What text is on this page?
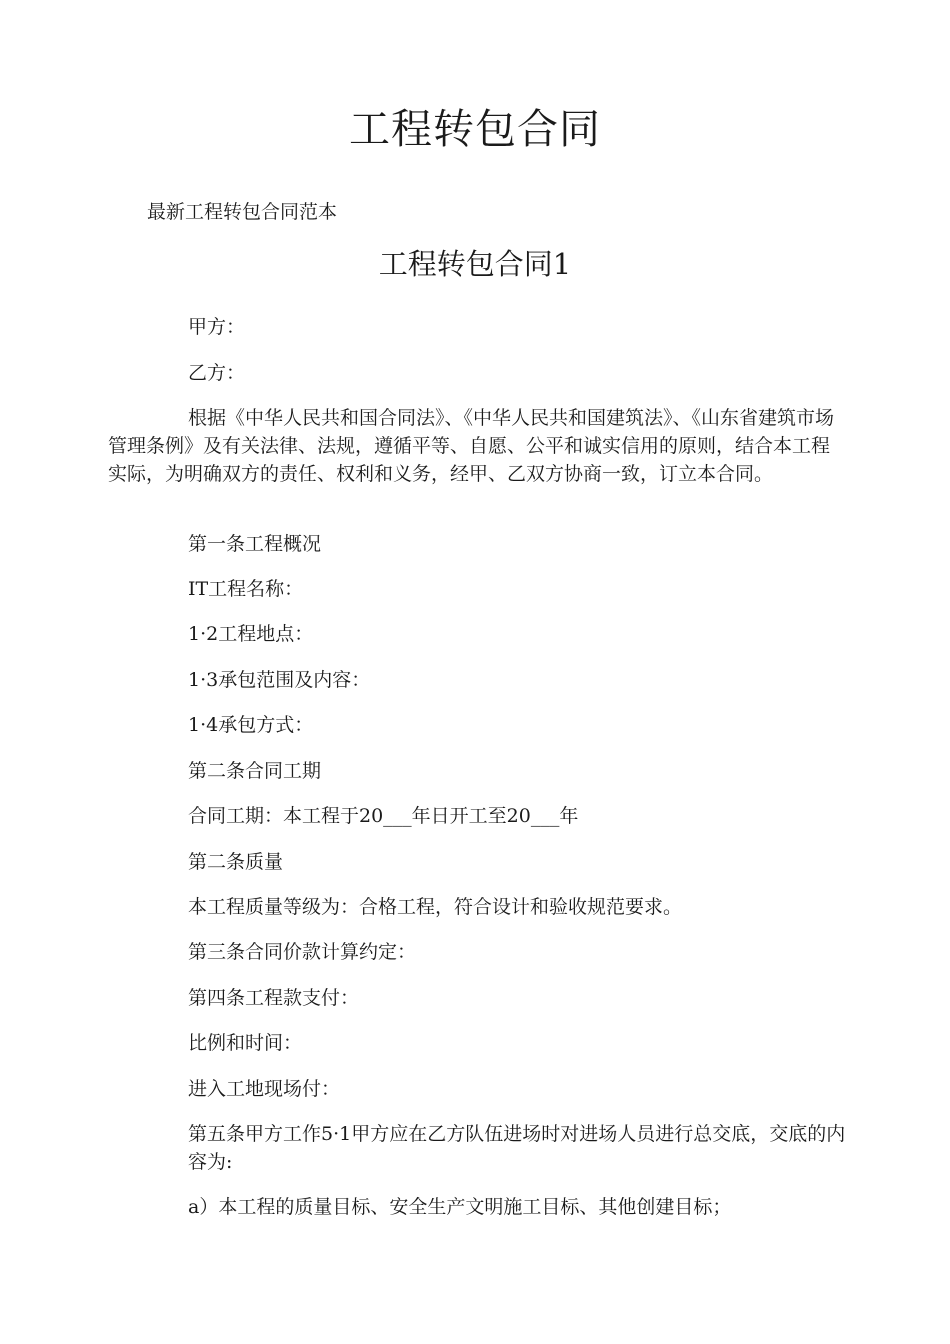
工程转包合同
最新工程转包合同范本
工程转包合同1
甲方：
乙方：
根据《中华人民共和国合同法》、《中华人民共和国建筑法》、《山东省建筑市场管理条例》及有关法律、法规，遵循平等、自愿、公平和诚实信用的原则，结合本工程实际，为明确双方的责任、权利和义务，经甲、乙双方协商一致，订立本合同。
第一条工程概况
IT工程名称：
1·2工程地点：
1·3承包范围及内容：
1·4承包方式：
第二条合同工期
合同工期：本工程于20___年日开工至20___年
第二条质量
本工程质量等级为：合格工程，符合设计和验收规范要求。
第三条合同价款计算约定：
第四条工程款支付：
比例和时间：
进入工地现场付：
第五条甲方工作5·1甲方应在乙方队伍进场时对进场人员进行总交底，交底的内容为:
a）本工程的质量目标、安全生产文明施工目标、其他创建目标；
